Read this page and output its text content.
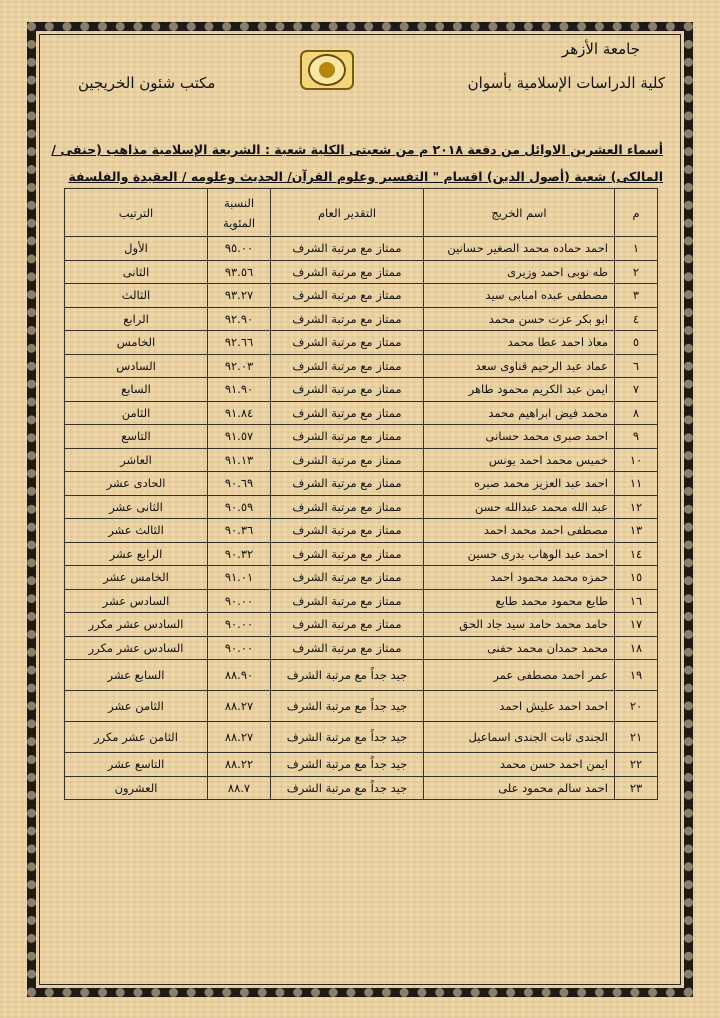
جامعة الأزهر
كلية الدراسات الإسلامية بأسوان
مكتب شئون الخريجين
أسماء العشرين الاوائل من دفعة ٢٠١٨ م من شعبتى الكلية شعبة : الشريعة الإسلامية مذاهب (حنفى /
المالكى) شعبة (أصول الدين) اقسام " التفسير وعلوم القرآن/ الحديث وعلومه / العقيدة والفلسفة
م	اسم الخريج	التقدير العام	النسبة المئوية	الترتيب
١	احمد حماده محمد الصغير حسانين	ممتاز مع مرتبة الشرف	٩٥.٠٠	الأول
٢	طه نوبى احمد وزيرى	ممتاز مع مرتبة الشرف	٩٣.٥٦	الثانى
٣	مصطفى عبده امبابى سيد	ممتاز مع مرتبة الشرف	٩٣.٢٧	الثالث
٤	ابو بكر عزت حسن محمد	ممتاز مع مرتبة الشرف	٩٢.٩٠	الرابع
٥	معاذ احمد عطا محمد	ممتاز مع مرتبة الشرف	٩٢.٦٦	الخامس
٦	عماد عبد الرحيم قناوى سعد	ممتاز مع مرتبة الشرف	٩٢.٠٣	السادس
٧	ايمن عبد الكريم محمود طاهر	ممتاز مع مرتبة الشرف	٩١.٩٠	السابع
٨	محمد فيض ابراهيم محمد	ممتاز مع مرتبة الشرف	٩١.٨٤	الثامن
٩	احمد صبرى محمد حسانى	ممتاز مع مرتبة الشرف	٩١.٥٧	التاسع
١٠	خميس محمد احمد يونس	ممتاز مع مرتبة الشرف	٩١.١٣	العاشر
١١	احمد عبد العزيز محمد صبره	ممتاز مع مرتبة الشرف	٩٠.٦٩	الحادى عشر
١٢	عبد الله محمد عبدالله حسن	ممتاز مع مرتبة الشرف	٩٠.٥٩	الثانى عشر
١٣	مصطفى احمد محمد احمد	ممتاز مع مرتبة الشرف	٩٠.٣٦	الثالث عشر
١٤	احمد عبد الوهاب بدرى حسين	ممتاز مع مرتبة الشرف	٩٠.٣٢	الرابع عشر
١٥	حمزه محمد محمود احمد	ممتاز مع مرتبة الشرف	٩١.٠١	الخامس عشر
١٦	طايع محمود محمد طايع	ممتاز مع مرتبة الشرف	٩٠.٠٠	السادس عشر
١٧	حامد محمد حامد سيد جاد الحق	ممتاز مع مرتبة الشرف	٩٠.٠٠	السادس عشر مكرر
١٨	محمد حمدان محمد حفنى	ممتاز مع مرتبة الشرف	٩٠.٠٠	السادس عشر مكرر
١٩	عمر احمد مصطفى عمر	جيد جداً مع مرتبة الشرف	٨٨.٩٠	السابع عشر
٢٠	احمد احمد عليش احمد	جيد جداً مع مرتبة الشرف	٨٨.٢٧	الثامن عشر
٢١	الجندى ثابت الجندى اسماعيل	جيد جداً مع مرتبة الشرف	٨٨.٢٧	الثامن عشر مكرر
٢٢	ايمن احمد حسن محمد	جيد جداً مع مرتبة الشرف	٨٨.٢٢	التاسع عشر
٢٣	احمد سالم محمود على	جيد جداً مع مرتبة الشرف	٨٨.٧	العشرون
